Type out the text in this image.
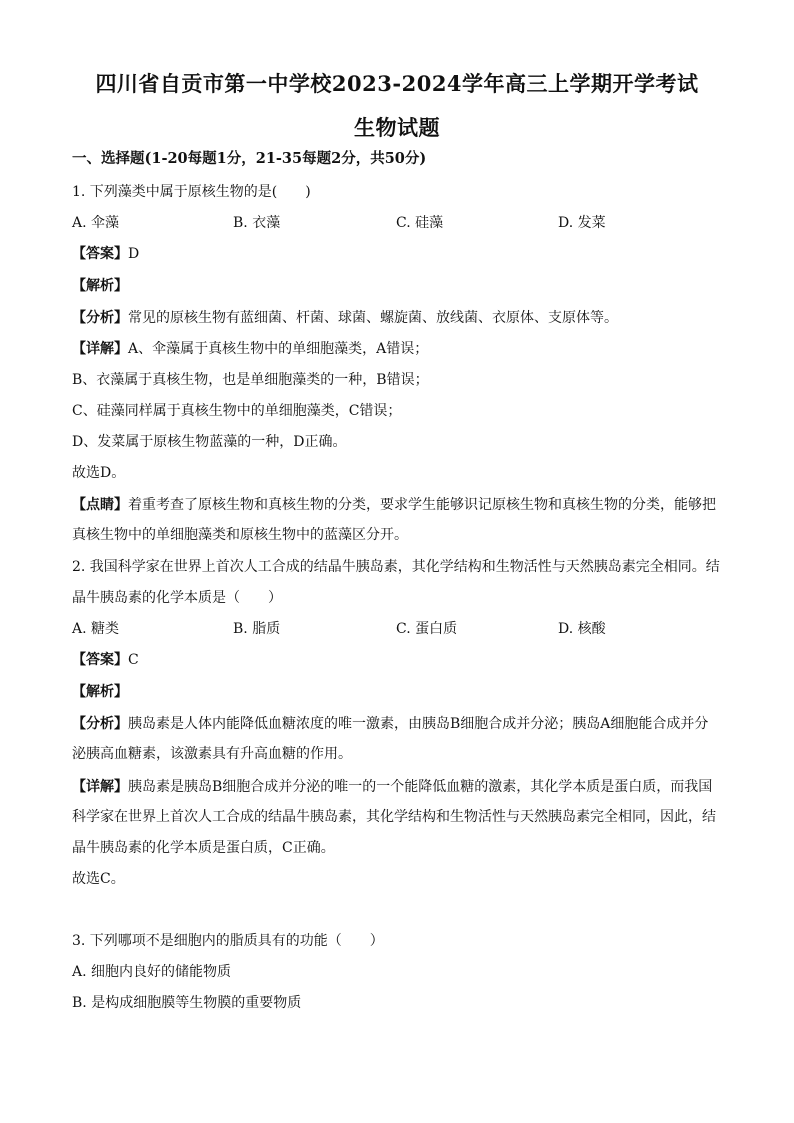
四川省自贡市第一中学校2023-2024学年高三上学期开学考试
生物试题
一、选择题(1-20每题1分，21-35每题2分，共50分)
1. 下列藻类中属于原核生物的是(　　)
A. 伞藻	B. 衣藻	C. 硅藻	D. 发菜
【答案】D
【解析】
【分析】常见的原核生物有蓝细菌、杆菌、球菌、螺旋菌、放线菌、衣原体、支原体等。
【详解】A、伞藻属于真核生物中的单细胞藻类，A错误；
B、衣藻属于真核生物，也是单细胞藻类的一种，B错误；
C、硅藻同样属于真核生物中的单细胞藻类，C错误；
D、发菜属于原核生物蓝藻的一种，D正确。
故选D。
【点睛】着重考查了原核生物和真核生物的分类，要求学生能够识记原核生物和真核生物的分类，能够把
真核生物中的单细胞藻类和原核生物中的蓝藻区分开。
2. 我国科学家在世界上首次人工合成的结晶牛胰岛素，其化学结构和生物活性与天然胰岛素完全相同。结
晶牛胰岛素的化学本质是（　　）
A. 糖类	B. 脂质	C. 蛋白质	D. 核酸
【答案】C
【解析】
【分析】胰岛素是人体内能降低血糖浓度的唯一激素，由胰岛B细胞合成并分泌；胰岛A细胞能合成并分
泌胰高血糖素，该激素具有升高血糖的作用。
【详解】胰岛素是胰岛B细胞合成并分泌的唯一的一个能降低血糖的激素，其化学本质是蛋白质，而我国
科学家在世界上首次人工合成的结晶牛胰岛素，其化学结构和生物活性与天然胰岛素完全相同，因此，结
晶牛胰岛素的化学本质是蛋白质，C正确。
故选C。
3. 下列哪项不是细胞内的脂质具有的功能（　　）
A. 细胞内良好的储能物质
B. 是构成细胞膜等生物膜的重要物质
